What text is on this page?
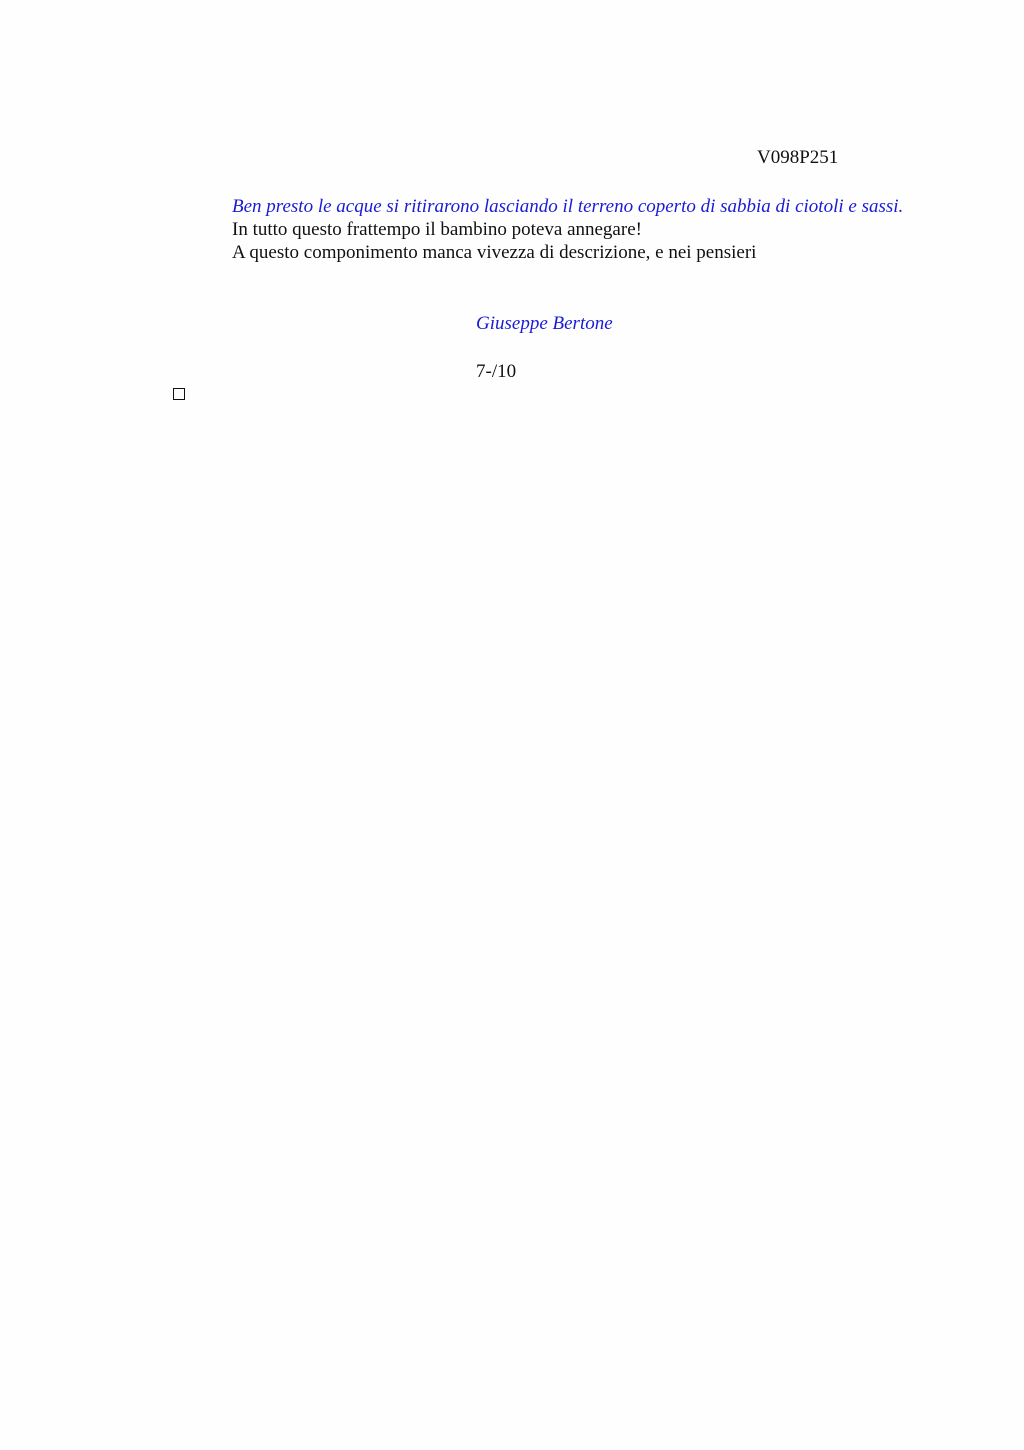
V098P251

Ben presto le acque si ritirarono lasciando il terreno coperto di sabbia di ciotoli e sassi.

In tutto questo frattempo il bambino poteva annegare!

A questo componimento manca vivezza di descrizione, e nei pensieri

Giuseppe Bertone
7-/10
